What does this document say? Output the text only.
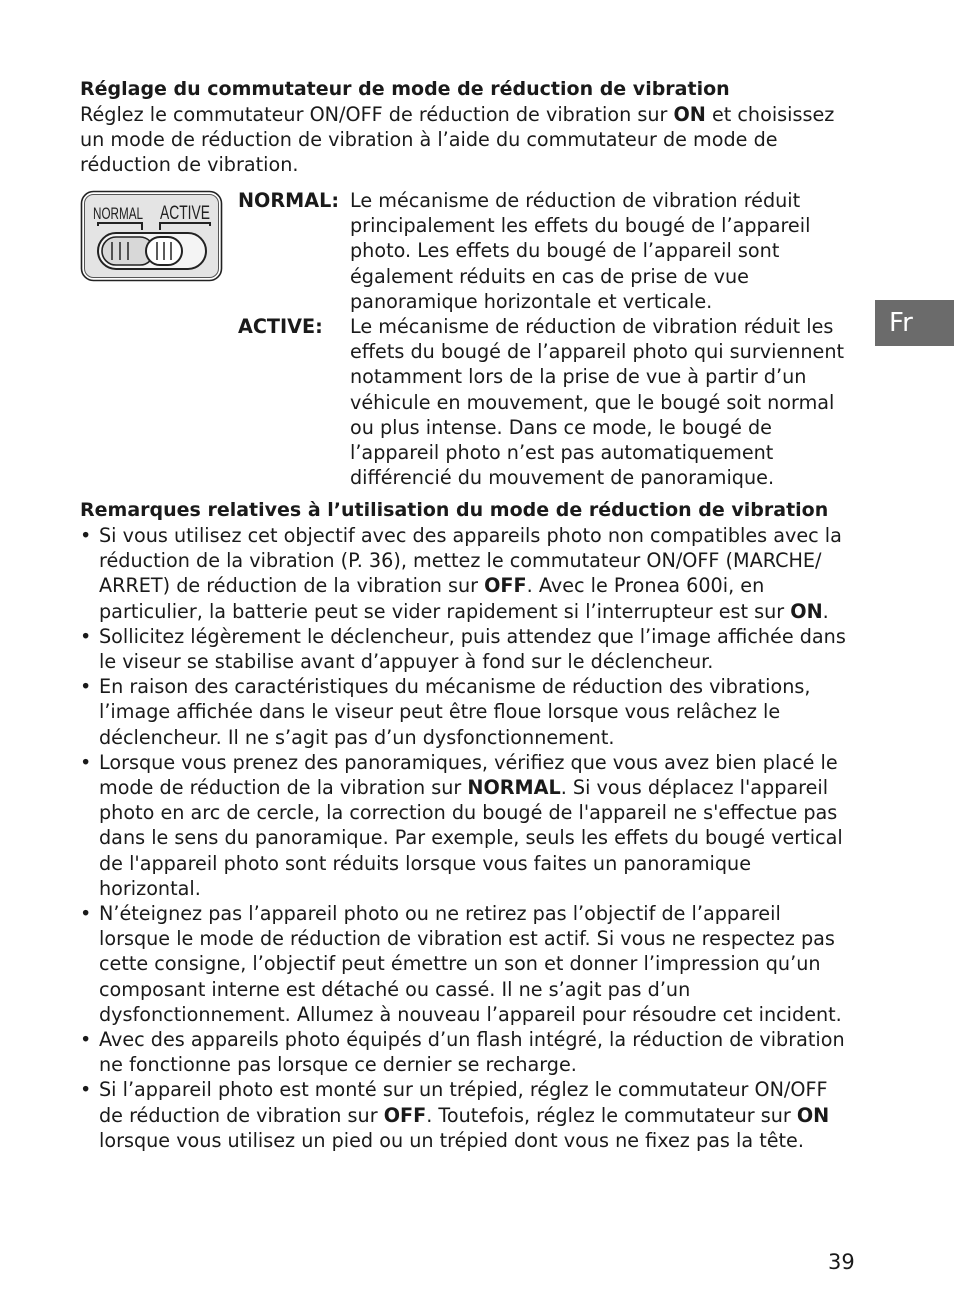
Réglage du commutateur de mode de réduction de vibration

Réglez le commutateur ON/OFF de réduction de vibration sur ON et choisissez un mode de réduction de vibration à l’aide du commutateur de mode de réduction de vibration.

NORMAL ACTIVE
NORMAL: Le mécanisme de réduction de vibration réduit principalement les effets du bougé de l’appareil photo. Les effets du bougé de l’appareil sont également réduits en cas de prise de vue panoramique horizontale et verticale.
ACTIVE: Le mécanisme de réduction de vibration réduit les effets du bougé de l’appareil photo qui surviennent notamment lors de la prise de vue à partir d’un véhicule en mouvement, que le bougé soit normal ou plus intense. Dans ce mode, le bougé de l’appareil photo n’est pas automatiquement différencié du mouvement de panoramique.

Remarques relatives à l’utilisation du mode de réduction de vibration

• Si vous utilisez cet objectif avec des appareils photo non compatibles avec la réduction de la vibration (P. 36), mettez le commutateur ON/OFF (MARCHE/ ARRET) de réduction de la vibration sur OFF. Avec le Pronea 600i, en particulier, la batterie peut se vider rapidement si l’interrupteur est sur ON.
• Sollicitez légèrement le déclencheur, puis attendez que l’image affichée dans le viseur se stabilise avant d’appuyer à fond sur le déclencheur.
• En raison des caractéristiques du mécanisme de réduction des vibrations, l’image affichée dans le viseur peut être floue lorsque vous relâchez le déclencheur. Il ne s’agit pas d’un dysfonctionnement.
• Lorsque vous prenez des panoramiques, vérifiez que vous avez bien placé le mode de réduction de la vibration sur NORMAL. Si vous déplacez l'appareil photo en arc de cercle, la correction du bougé de l'appareil ne s'effectue pas dans le sens du panoramique. Par exemple, seuls les effets du bougé vertical de l'appareil photo sont réduits lorsque vous faites un panoramique horizontal.
• N’éteignez pas l’appareil photo ou ne retirez pas l’objectif de l’appareil lorsque le mode de réduction de vibration est actif. Si vous ne respectez pas cette consigne, l’objectif peut émettre un son et donner l’impression qu’un composant interne est détaché ou cassé. Il ne s’agit pas d’un dysfonctionnement. Allumez à nouveau l’appareil pour résoudre cet incident.
• Avec des appareils photo équipés d’un flash intégré, la réduction de vibration ne fonctionne pas lorsque ce dernier se recharge.
• Si l’appareil photo est monté sur un trépied, réglez le commutateur ON/OFF de réduction de vibration sur OFF. Toutefois, réglez le commutateur sur ON lorsque vous utilisez un pied ou un trépied dont vous ne fixez pas la tête.
Fr
39
